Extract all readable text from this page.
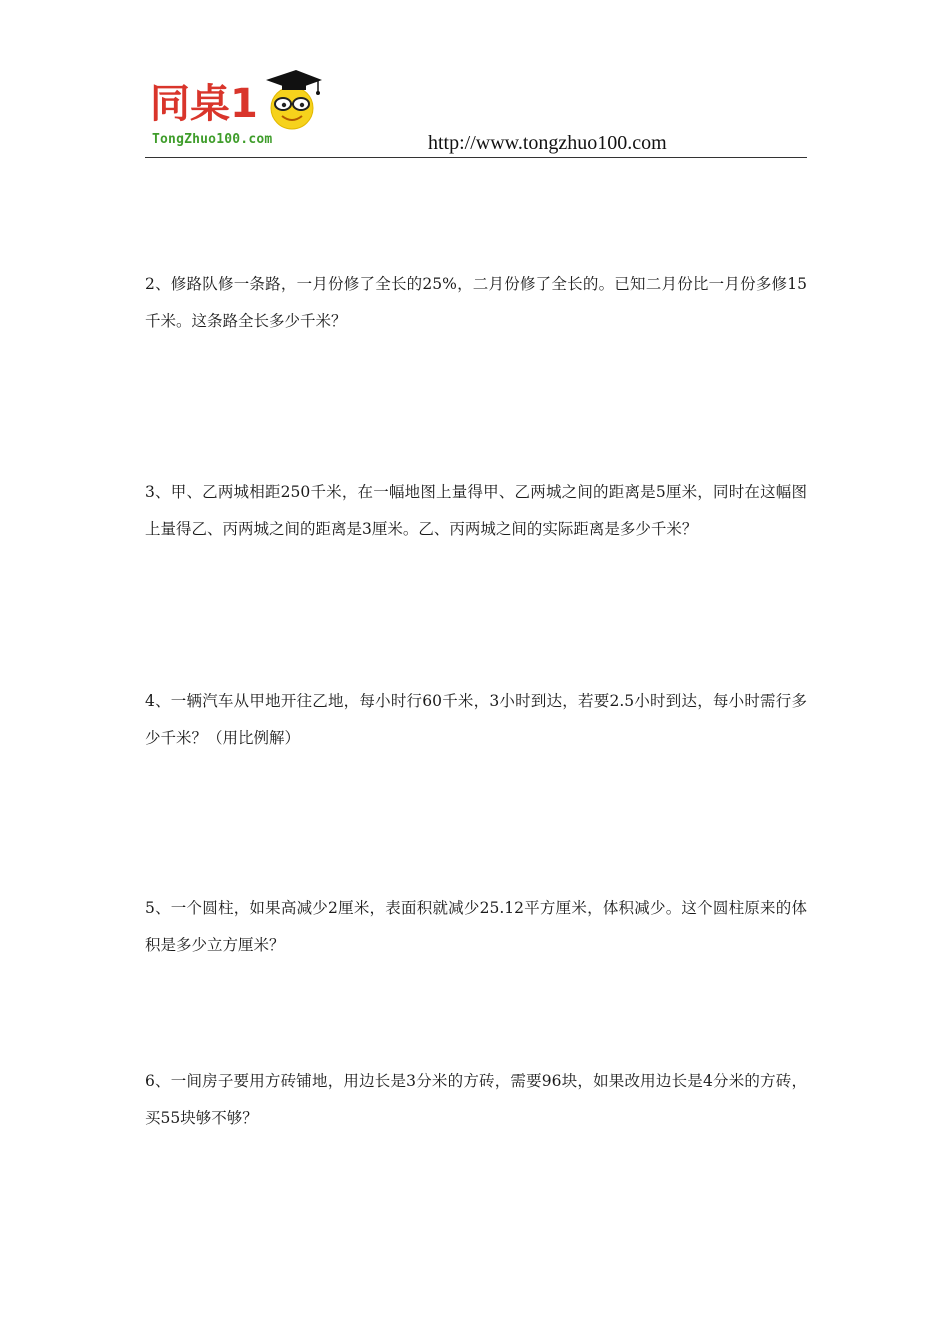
同桌1
TongZhuo100.com	http://www.tongzhuo100.com

2、修路队修一条路，一月份修了全长的25%，二月份修了全长的。已知二月份比一月份多修15千米。这条路全长多少千米？

3、甲、乙两城相距250千米，在一幅地图上量得甲、乙两城之间的距离是5厘米，同时在这幅图上量得乙、丙两城之间的距离是3厘米。乙、丙两城之间的实际距离是多少千米？

4、一辆汽车从甲地开往乙地，每小时行60千米，3小时到达，若要2.5小时到达，每小时需行多少千米？（用比例解）

5、一个圆柱，如果高减少2厘米，表面积就减少25.12平方厘米，体积减少。这个圆柱原来的体积是多少立方厘米？

6、一间房子要用方砖铺地，用边长是3分米的方砖，需要96块，如果改用边长是4分米的方砖，买55块够不够？
